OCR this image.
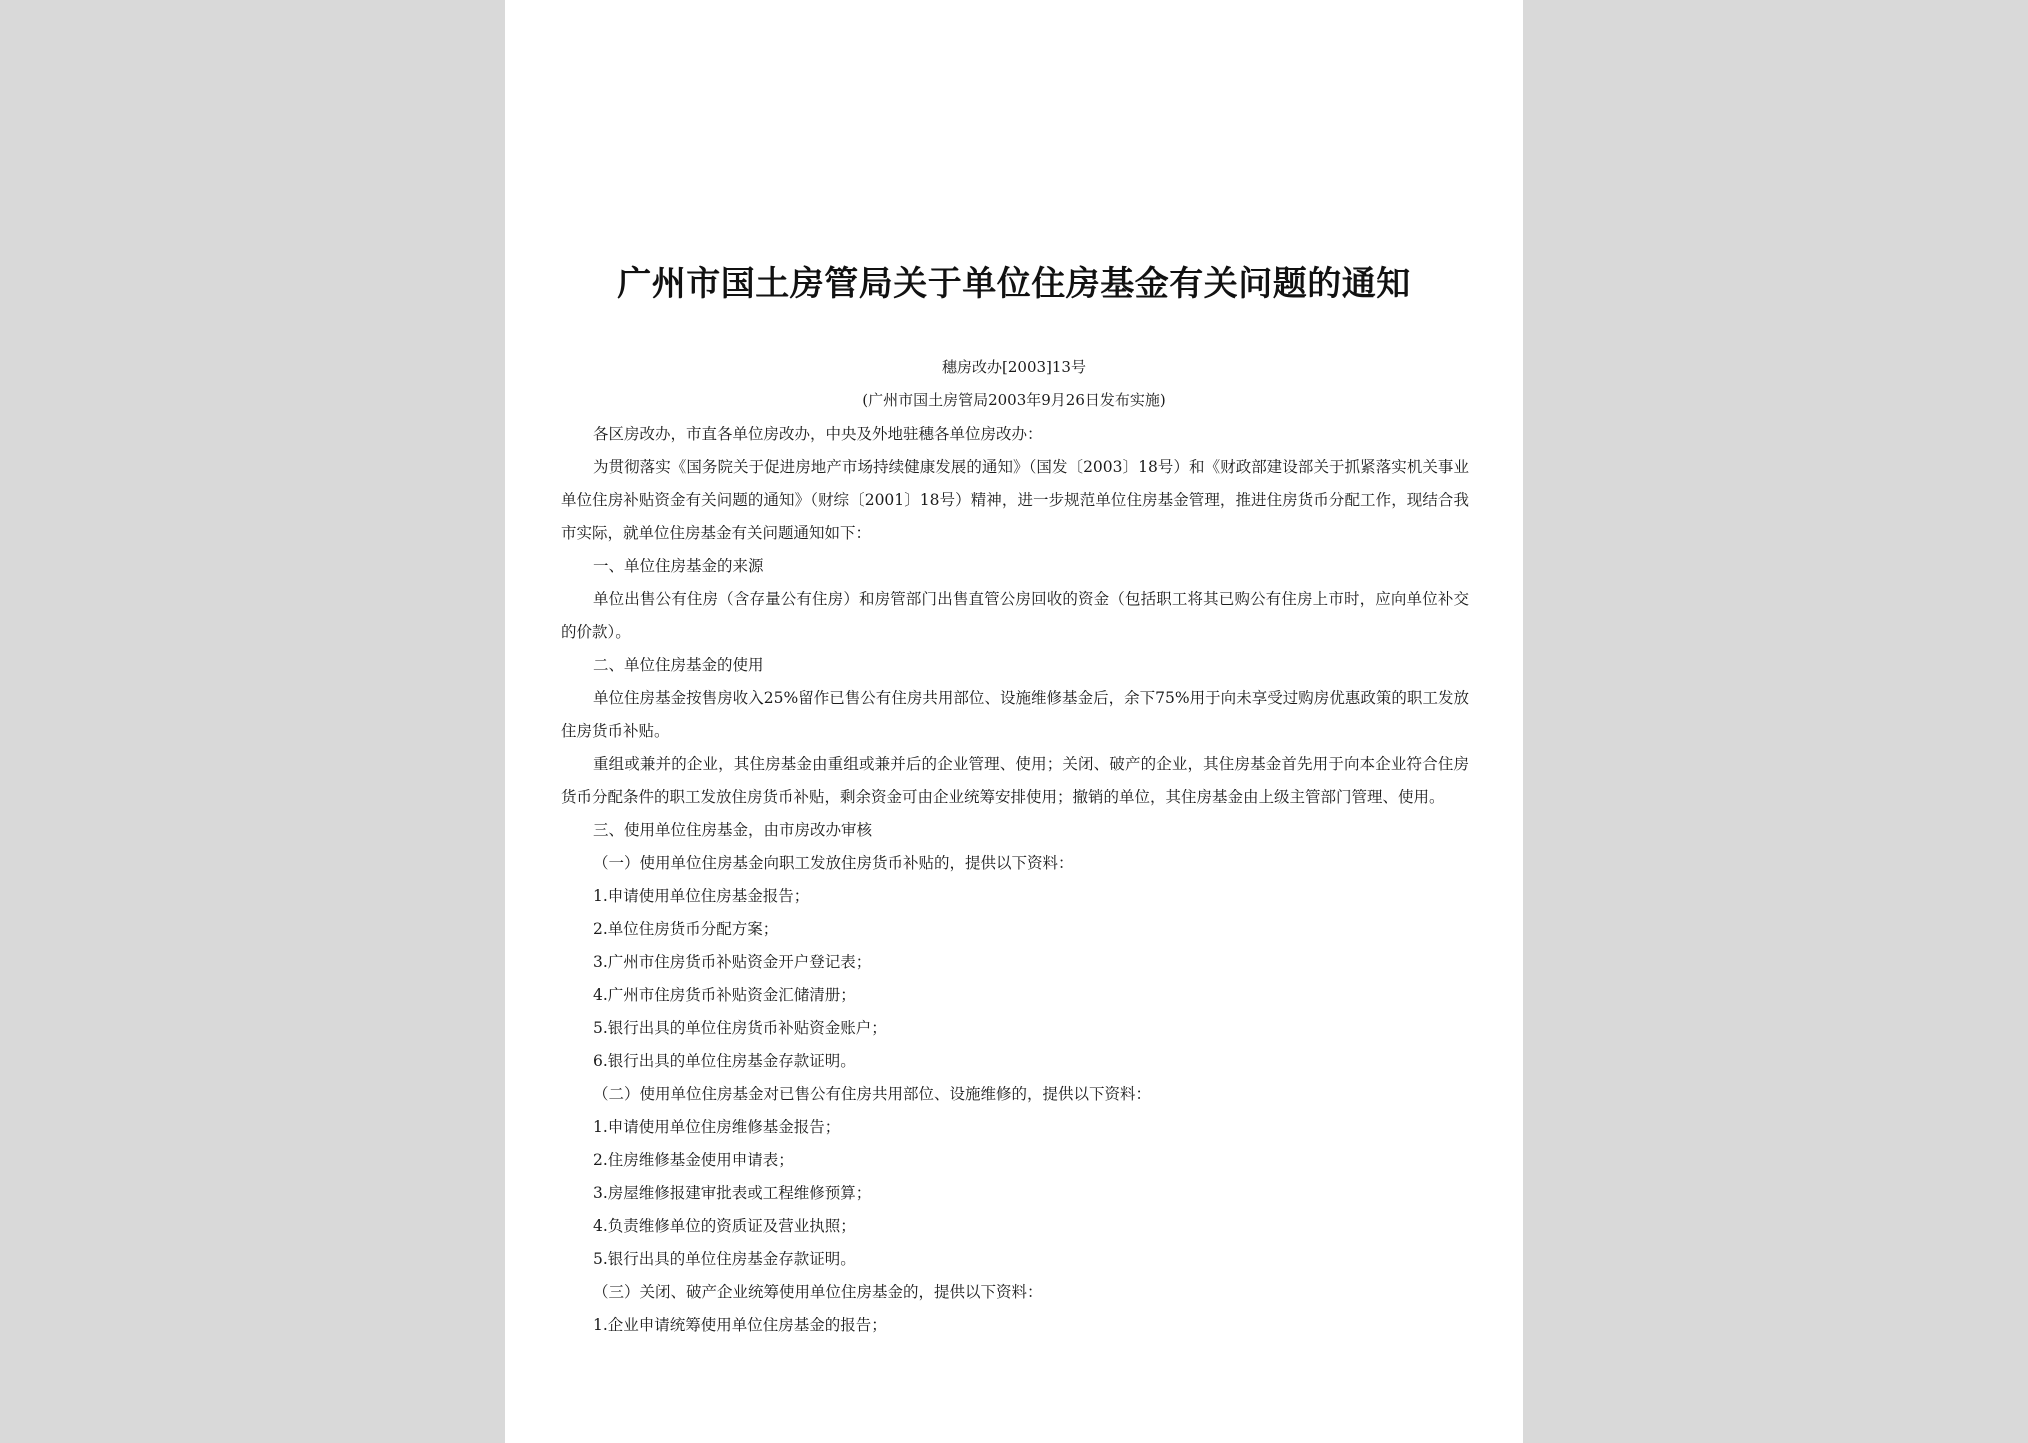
广州市国土房管局关于单位住房基金有关问题的通知
穗房改办[2003]13号
(广州市国土房管局2003年9月26日发布实施)

各区房改办，市直各单位房改办，中央及外地驻穗各单位房改办：

为贯彻落实《国务院关于促进房地产市场持续健康发展的通知》（国发〔2003〕18号）和《财政部建设部关于抓紧落实机关事业单位住房补贴资金有关问题的通知》（财综〔2001〕18号）精神，进一步规范单位住房基金管理，推进住房货币分配工作，现结合我市实际，就单位住房基金有关问题通知如下：

一、单位住房基金的来源

单位出售公有住房（含存量公有住房）和房管部门出售直管公房回收的资金（包括职工将其已购公有住房上市时，应向单位补交的价款）。

二、单位住房基金的使用

单位住房基金按售房收入25%留作已售公有住房共用部位、设施维修基金后，余下75%用于向未享受过购房优惠政策的职工发放住房货币补贴。

重组或兼并的企业，其住房基金由重组或兼并后的企业管理、使用；关闭、破产的企业，其住房基金首先用于向本企业符合住房货币分配条件的职工发放住房货币补贴，剩余资金可由企业统筹安排使用；撤销的单位，其住房基金由上级主管部门管理、使用。

三、使用单位住房基金，由市房改办审核

（一）使用单位住房基金向职工发放住房货币补贴的，提供以下资料：

1.申请使用单位住房基金报告；

2.单位住房货币分配方案；

3.广州市住房货币补贴资金开户登记表；

4.广州市住房货币补贴资金汇储清册；

5.银行出具的单位住房货币补贴资金账户；

6.银行出具的单位住房基金存款证明。

（二）使用单位住房基金对已售公有住房共用部位、设施维修的，提供以下资料：

1.申请使用单位住房维修基金报告；

2.住房维修基金使用申请表；

3.房屋维修报建审批表或工程维修预算；

4.负责维修单位的资质证及营业执照；

5.银行出具的单位住房基金存款证明。

（三）关闭、破产企业统筹使用单位住房基金的，提供以下资料：

1.企业申请统筹使用单位住房基金的报告；
